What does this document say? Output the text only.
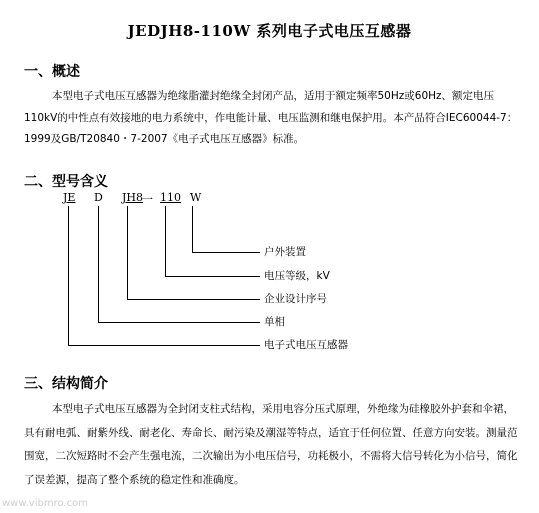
JEDJH8-110W 系列电子式电压互感器
一、概述
本型电子式电压互感器为绝缘脂灌封绝缘全封闭产品，适用于额定频率50Hz或60Hz、额定电压110kV的中性点有效接地的电力系统中，作电能计量、电压监测和继电保护用。本产品符合IEC60044-7：1999及GB/T20840・7-2007《电子式电压互感器》标准。
二、型号含义
JE D JH8
一 110 W
户外装置
电压等级，kV
企业设计序号
单相
电子式电压互感器
三、结构简介
本型电子式电压互感器为全封闭支柱式结构，采用电容分压式原理，外绝缘为硅橡胶外护套和伞裙，具有耐电弧、耐紫外线、耐老化、寿命长、耐污染及潮湿等特点，适宜于任何位置、任意方向安装。测量范围宽，二次短路时不会产生强电流，二次输出为小电压信号，功耗极小，不需将大信号转化为小信号，简化了误差源，提高了整个系统的稳定性和准确度。
www.vibmro.com
